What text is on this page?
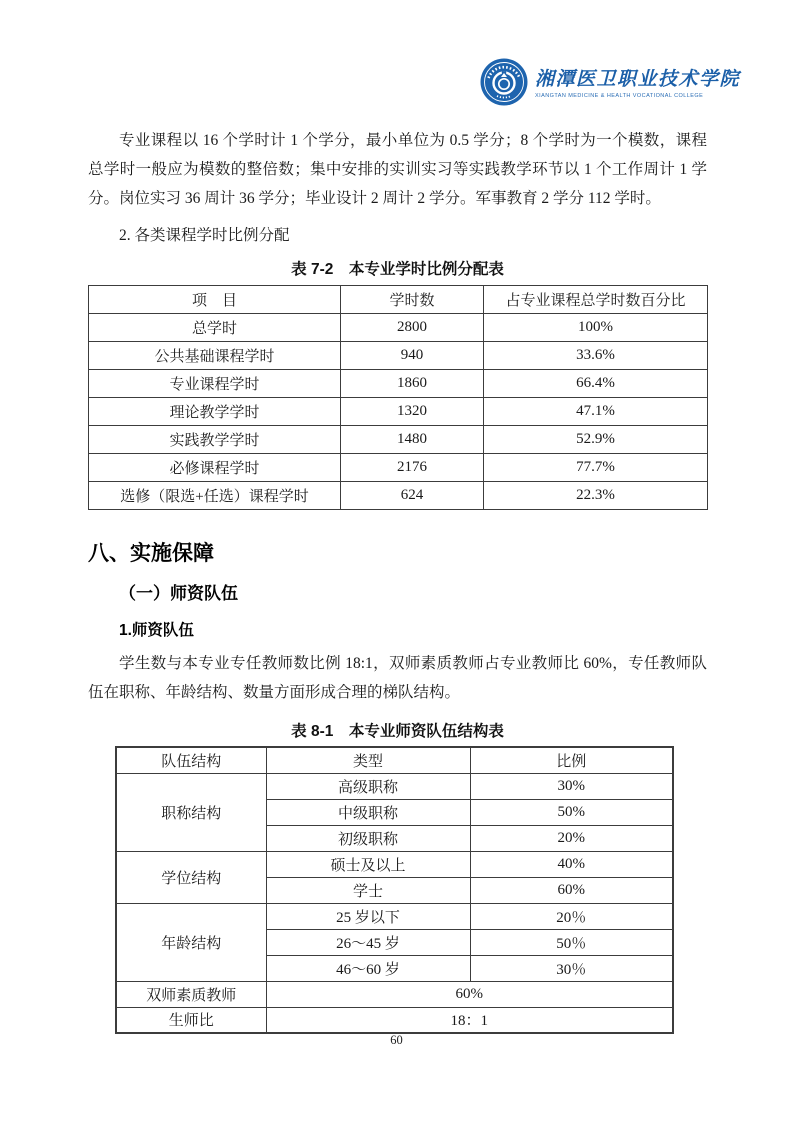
湘潭医卫职业技术学院
XIANGTAN MEDICINE & HEALTH VOCATIONAL COLLEGE

专业课程以 16 个学时计 1 个学分，最小单位为 0.5 学分；8 个学时为一个模数，课程总学时一般应为模数的整倍数；集中安排的实训实习等实践教学环节以 1 个工作周计 1 学分。岗位实习 36 周计 36 学分；毕业设计 2 周计 2 学分。军事教育 2 学分 112 学时。

2. 各类课程学时比例分配

表 7-2　本专业学时比例分配表

项　目	学时数	占专业课程总学时数百分比
总学时	2800	100%
公共基础课程学时	940	33.6%
专业课程学时	1860	66.4%
理论教学学时	1320	47.1%
实践教学学时	1480	52.9%
必修课程学时	2176	77.7%
选修（限选+任选）课程学时	624	22.3%
八、实施保障
（一）师资队伍
1.师资队伍

学生数与本专业专任教师数比例 18:1，双师素质教师占专业教师比 60%，专任教师队伍在职称、年龄结构、数量方面形成合理的梯队结构。

表 8-1　本专业师资队伍结构表

队伍结构	类型	比例
职称结构	高级职称	30%
	中级职称	50%
	初级职称	20%
学位结构	硕士及以上	40%
	学士	60%
年龄结构	25 岁以下	20％
	26～45 岁	50％
	46～60 岁	30％
双师素质教师	60%	
生师比	18：1	
60
